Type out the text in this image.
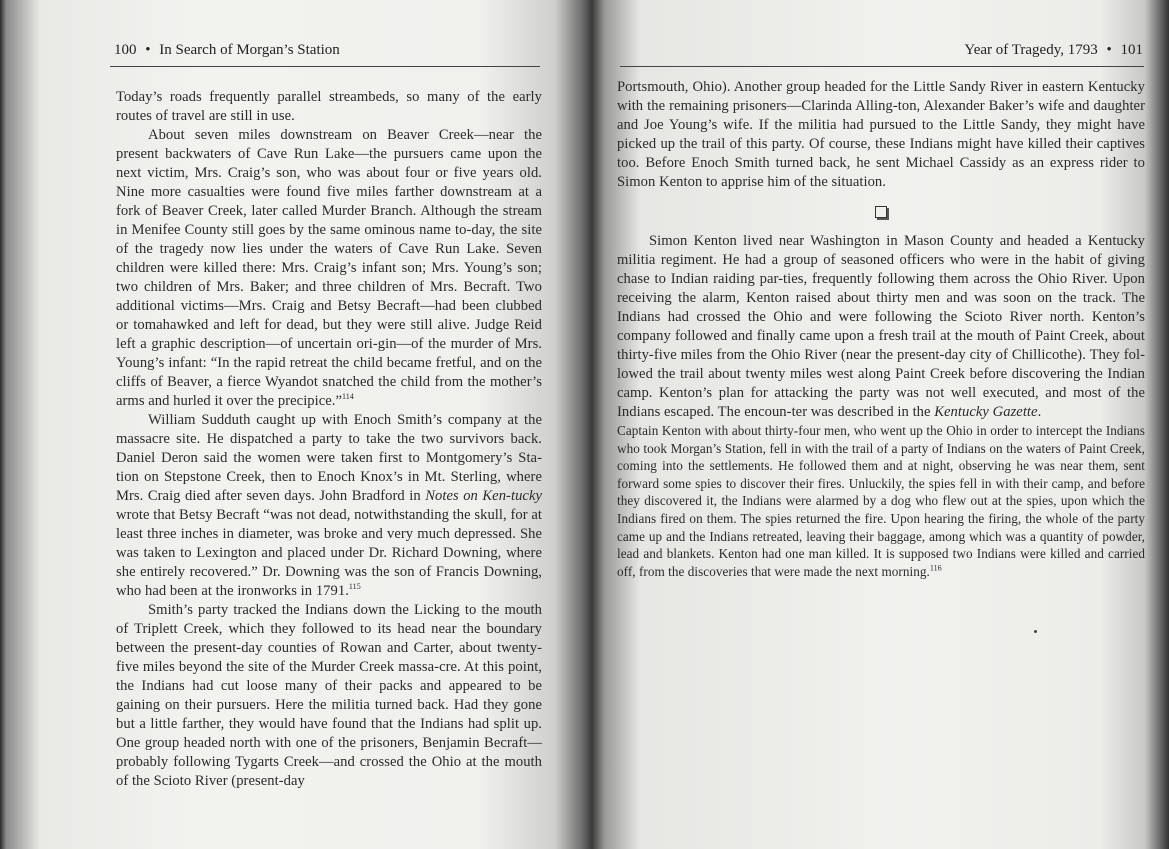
100 • In Search of Morgan’s Station

Today’s roads frequently parallel streambeds, so many of the early routes of travel are still in use.

About seven miles downstream on Beaver Creek—near the present backwaters of Cave Run Lake—the pursuers came upon the next victim, Mrs. Craig’s son, who was about four or five years old. Nine more casualties were found five miles farther downstream at a fork of Beaver Creek, later called Murder Branch. Although the stream in Menifee County still goes by the same ominous name to-day, the site of the tragedy now lies under the waters of Cave Run Lake. Seven children were killed there: Mrs. Craig’s infant son; Mrs. Young’s son; two children of Mrs. Baker; and three children of Mrs. Becraft. Two additional victims—Mrs. Craig and Betsy Becraft—had been clubbed or tomahawked and left for dead, but they were still alive. Judge Reid left a graphic description—of uncertain ori-gin—of the murder of Mrs. Young’s infant: “In the rapid retreat the child became fretful, and on the cliffs of Beaver, a fierce Wyandot snatched the child from the mother’s arms and hurled it over the precipice.”$^{114}$

William Sudduth caught up with Enoch Smith’s company at the massacre site. He dispatched a party to take the two survivors back. Daniel Deron said the women were taken first to Montgomery’s Sta-tion on Stepstone Creek, then to Enoch Knox’s in Mt. Sterling, where Mrs. Craig died after seven days. John Bradford in Notes on Ken-tucky wrote that Betsy Becraft “was not dead, notwithstanding the skull, for at least three inches in diameter, was broke and very much depressed. She was taken to Lexington and placed under Dr. Richard Downing, where she entirely recovered.” Dr. Downing was the son of Francis Downing, who had been at the ironworks in 1791.$^{115}$

Smith’s party tracked the Indians down the Licking to the mouth of Triplett Creek, which they followed to its head near the boundary between the present-day counties of Rowan and Carter, about twenty-five miles beyond the site of the Murder Creek massa-cre. At this point, the Indians had cut loose many of their packs and appeared to be gaining on their pursuers. Here the militia turned back. Had they gone but a little farther, they would have found that the Indians had split up. One group headed north with one of the prisoners, Benjamin Becraft—probably following Tygarts Creek—and crossed the Ohio at the mouth of the Scioto River (present-day

Year of Tragedy, 1793 • 101

Portsmouth, Ohio). Another group headed for the Little Sandy River in eastern Kentucky with the remaining prisoners—Clarinda Alling-ton, Alexander Baker’s wife and daughter and Joe Young’s wife. If the militia had pursued to the Little Sandy, they might have picked up the trail of this party. Of course, these Indians might have killed their captives too. Before Enoch Smith turned back, he sent Michael Cassidy as an express rider to Simon Kenton to apprise him of the situation.

Simon Kenton lived near Washington in Mason County and headed a Kentucky militia regiment. He had a group of seasoned officers who were in the habit of giving chase to Indian raiding par-ties, frequently following them across the Ohio River. Upon receiving the alarm, Kenton raised about thirty men and was soon on the track. The Indians had crossed the Ohio and were following the Scioto River north. Kenton’s company followed and finally came upon a fresh trail at the mouth of Paint Creek, about thirty-five miles from the Ohio River (near the present-day city of Chillicothe). They fol-lowed the trail about twenty miles west along Paint Creek before discovering the Indian camp. Kenton’s plan for attacking the party was not well executed, and most of the Indians escaped. The encoun-ter was described in the Kentucky Gazette.

Captain Kenton with about thirty-four men, who went up the Ohio in order to intercept the Indians who took Morgan’s Station, fell in with the trail of a party of Indians on the waters of Paint Creek, coming into the settlements. He followed them and at night, observing he was near them, sent forward some spies to discover their fires. Unluckily, the spies fell in with their camp, and before they discovered it, the Indians were alarmed by a dog who flew out at the spies, upon which the Indians fired on them. The spies returned the fire. Upon hearing the firing, the whole of the party came up and the Indians retreated, leaving their baggage, among which was a quantity of powder, lead and blankets. Kenton had one man killed. It is supposed two Indians were killed and carried off, from the discoveries that were made the next morning.$^{116}$
